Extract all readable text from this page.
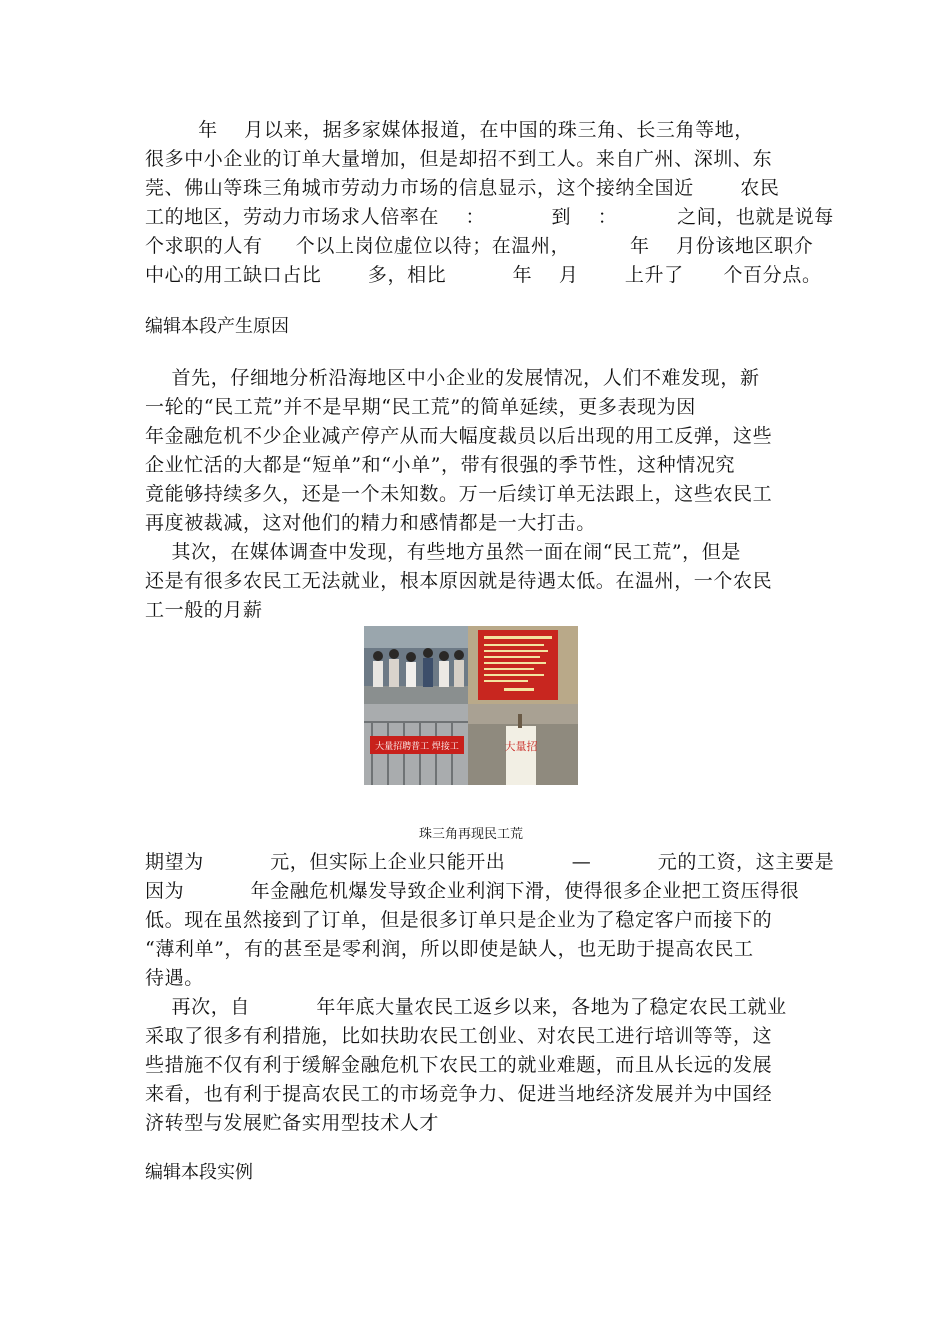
年    月以来，据多家媒体报道，在中国的珠三角、长三角等地，
很多中小企业的订单大量增加，但是却招不到工人。来自广州、深圳、东
莞、佛山等珠三角城市劳动力市场的信息显示，这个接纳全国近       农民
工的地区，劳动力市场求人倍率在    ：          到    ：         之间，也就是说每
个求职的人有     个以上岗位虚位以待；在温州，         年    月份该地区职介
中心的用工缺口占比       多，相比          年    月       上升了      个百分点。
编辑本段产生原因
首先，仔细地分析沿海地区中小企业的发展情况，人们不难发现，新
一轮的“民工荒”并不是早期“民工荒”的简单延续，更多表现为因
年金融危机不少企业减产停产从而大幅度裁员以后出现的用工反弹，这些
企业忙活的大都是“短单”和“小单”，带有很强的季节性，这种情况究
竟能够持续多久，还是一个未知数。万一后续订单无法跟上，这些农民工
再度被裁减，这对他们的精力和感情都是一大打击。
其次，在媒体调查中发现，有些地方虽然一面在闹“民工荒”，但是
还是有很多农民工无法就业，根本原因就是待遇太低。在温州，一个农民
工一般的月薪
大量招聘普工 焊接工	大量招
珠三角再现民工荒
期望为          元，但实际上企业只能开出          —          元的工资，这主要是
因为          年金融危机爆发导致企业利润下滑，使得很多企业把工资压得很
低。现在虽然接到了订单，但是很多订单只是企业为了稳定客户而接下的
“薄利单”，有的甚至是零利润，所以即使是缺人，也无助于提高农民工
待遇。
再次，自          年年底大量农民工返乡以来，各地为了稳定农民工就业
采取了很多有利措施，比如扶助农民工创业、对农民工进行培训等等，这
些措施不仅有利于缓解金融危机下农民工的就业难题，而且从长远的发展
来看，也有利于提高农民工的市场竞争力、促进当地经济发展并为中国经
济转型与发展贮备实用型技术人才
编辑本段实例
